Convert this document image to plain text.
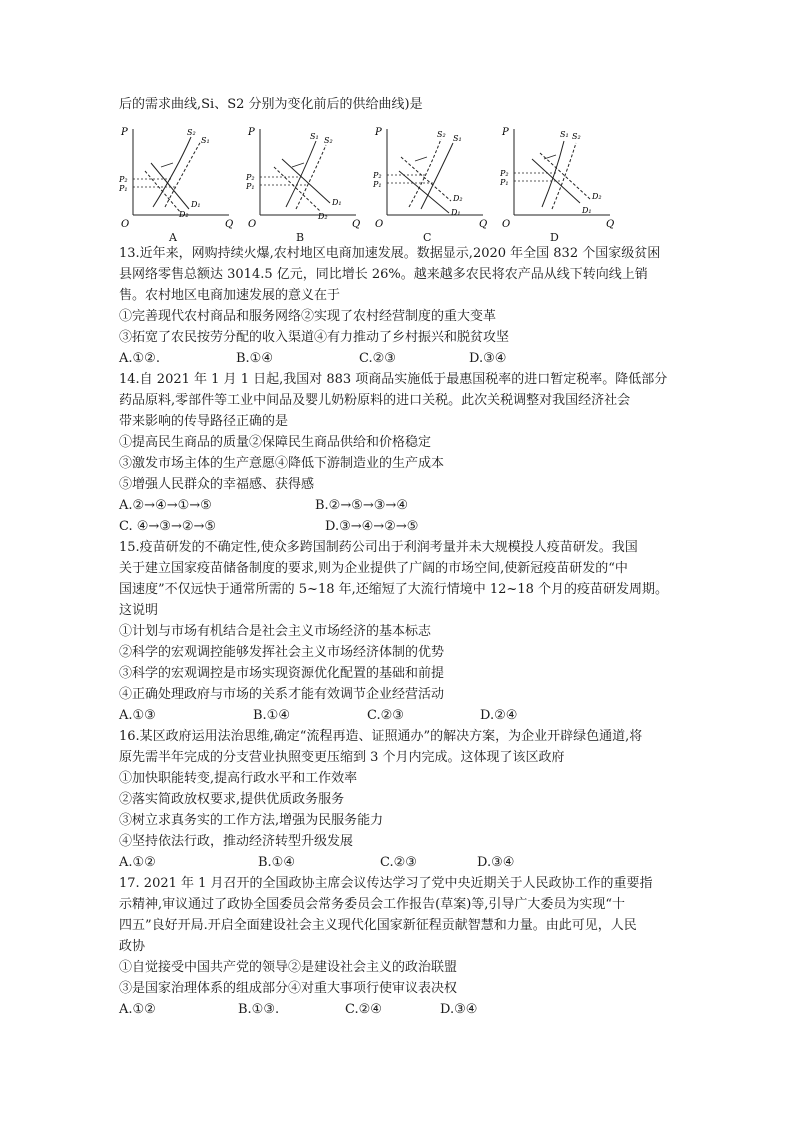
后的需求曲线,Si、S2 分别为变化前后的供给曲线)是
P
Q
O
P₂
P₁
S₂
S₁
D₁
D₂
A
P
Q
O
P₂
P₁
S₁ S₂
D₁
D₂
B
P
Q
O
P₂
P₁
S₂ S₁
D₂
D₁
C
P
Q
O
P₂
P₁
S₁ S₂
D₂
D₁
D
13.近年来，网购持续火爆,农村地区电商加速发展。数据显示,2020 年全国 832 个国家级贫困
县网络零售总额达 3014.5 亿元，同比增长 26%。越来越多农民将农产品从线下转向线上销
售。农村地区电商加速发展的意义在于
①完善现代农村商品和服务网络②实现了农村经营制度的重大变革
③拓宽了农民按劳分配的收入渠道④有力推动了乡村振兴和脱贫攻坚
A.①②.	B.①④	C.②③	D.③④
14.自 2021 年 1 月 1 日起,我国对 883 项商品实施低于最惠国税率的进口暂定税率。降低部分
药品原料,零部件等工业中间品及婴儿奶粉原料的进口关税。此次关税调整对我国经济社会
带来影响的传导路径正确的是
①提高民生商品的质量②保障民生商品供给和价格稳定
③激发市场主体的生产意愿④降低下游制造业的生产成本
⑤增强人民群众的幸福感、获得感
A.②→④→①→⑤	B.②→⑤→③→④
C. ④→③→②→⑤	D.③→④→②→⑤
15.疫苗研发的不确定性,使众多跨国制药公司出于利润考量并未大规模投人疫苗研发。我国
关于建立国家疫苗储备制度的要求,则为企业提供了广阔的市场空间,使新冠疫苗研发的“中
国速度”不仅远快于通常所需的 5~18 年,还缩短了大流行情境中 12~18 个月的疫苗研发周期。
这说明
①计划与市场有机结合是社会主义市场经济的基本标志
②科学的宏观调控能够发挥社会主义市场经济体制的优势
③科学的宏观调控是市场实现资源优化配置的基础和前提
④正确处理政府与市场的关系才能有效调节企业经营活动
A.①③	B.①④	C.②③	D.②④
16.某区政府运用法治思维,确定“流程再造、证照通办”的解决方案，为企业开辟绿色通道,将
原先需半年完成的分支营业执照变更压缩到 3 个月内完成。这体现了该区政府
①加快职能转变,提高行政水平和工作效率
②落实简政放权要求,提供优质政务服务
③树立求真务实的工作方法,增强为民服务能力
④坚持依法行政，推动经济转型升级发展
A.①②	B.①④	C.②③	D.③④
17. 2021 年 1 月召开的全国政协主席会议传达学习了党中央近期关于人民政协工作的重要指
示精神,审议通过了政协全国委员会常务委员会工作报告(草案)等,引导广大委员为实现“十
四五”良好开局.开启全面建设社会主义现代化国家新征程贡献智慧和力量。由此可见，人民
政协
①自觉接受中国共产党的领导②是建设社会主义的政治联盟
③是国家治理体系的组成部分④对重大事项行使审议表决权
A.①②	B.①③.	C.②④	D.③④
